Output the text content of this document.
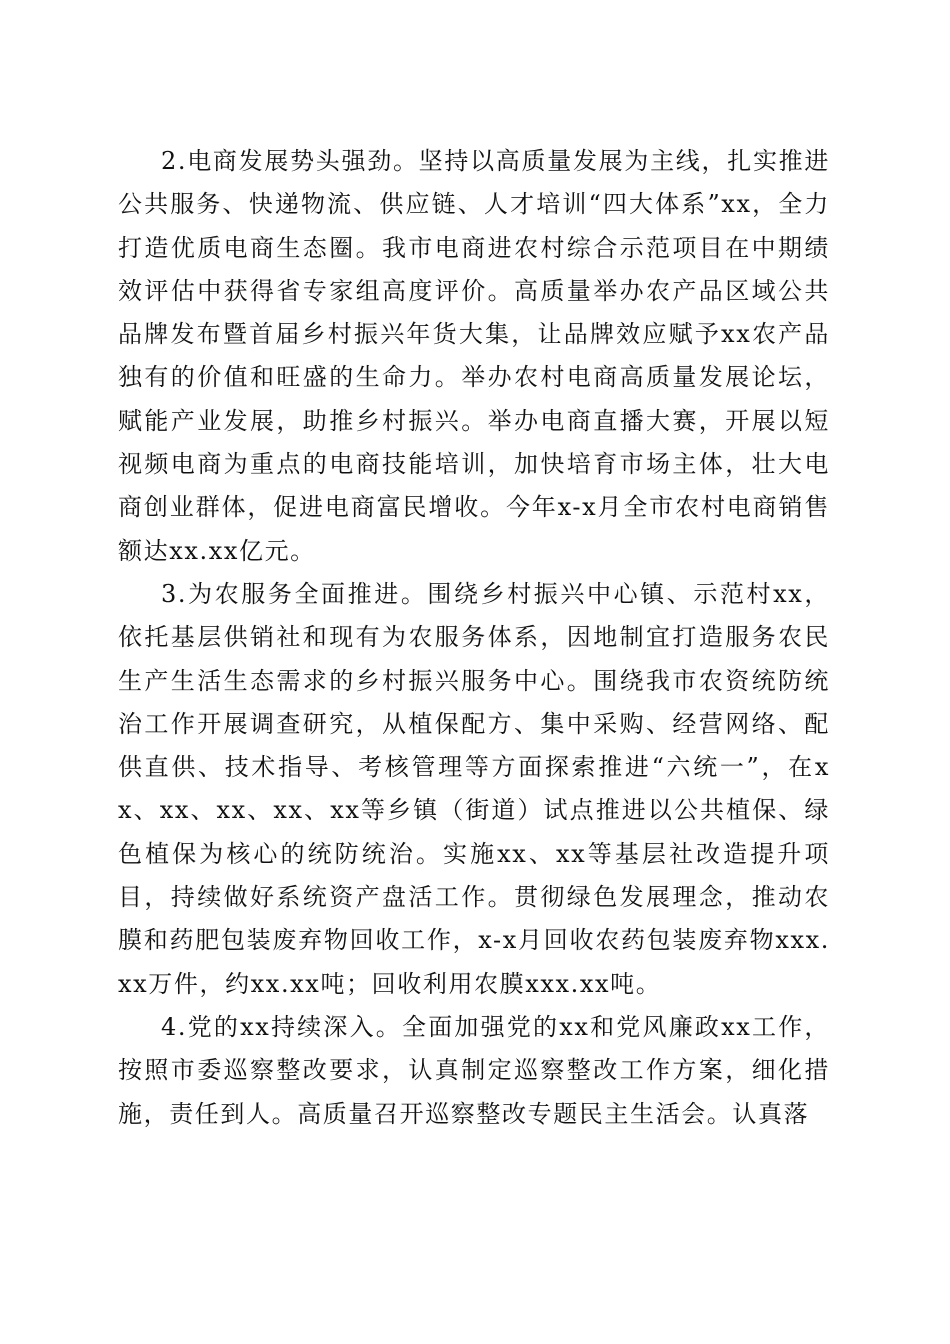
2.电商发展势头强劲。坚持以高质量发展为主线，扎实推进公共服务、快递物流、供应链、人才培训“四大体系”xx，全力打造优质电商生态圈。我市电商进农村综合示范项目在中期绩效评估中获得省专家组高度评价。高质量举办农产品区域公共品牌发布暨首届乡村振兴年货大集，让品牌效应赋予xx农产品独有的价值和旺盛的生命力。举办农村电商高质量发展论坛，赋能产业发展，助推乡村振兴。举办电商直播大赛，开展以短视频电商为重点的电商技能培训，加快培育市场主体，壮大电商创业群体，促进电商富民增收。今年x-x月全市农村电商销售额达xx.xx亿元。

3.为农服务全面推进。围绕乡村振兴中心镇、示范村xx，依托基层供销社和现有为农服务体系，因地制宜打造服务农民生产生活生态需求的乡村振兴服务中心。围绕我市农资统防统治工作开展调查研究，从植保配方、集中采购、经营网络、配供直供、技术指导、考核管理等方面探索推进“六统一”，在xx、xx、xx、xx、xx等乡镇（街道）试点推进以公共植保、绿色植保为核心的统防统治。实施xx、xx等基层社改造提升项目，持续做好系统资产盘活工作。贯彻绿色发展理念，推动农膜和药肥包装废弃物回收工作，x-x月回收农药包装废弃物xxx.xx万件，约xx.xx吨；回收利用农膜xxx.xx吨。

4.党的xx持续深入。全面加强党的xx和党风廉政xx工作，按照市委巡察整改要求，认真制定巡察整改工作方案，细化措施，责任到人。高质量召开巡察整改专题民主生活会。认真落
